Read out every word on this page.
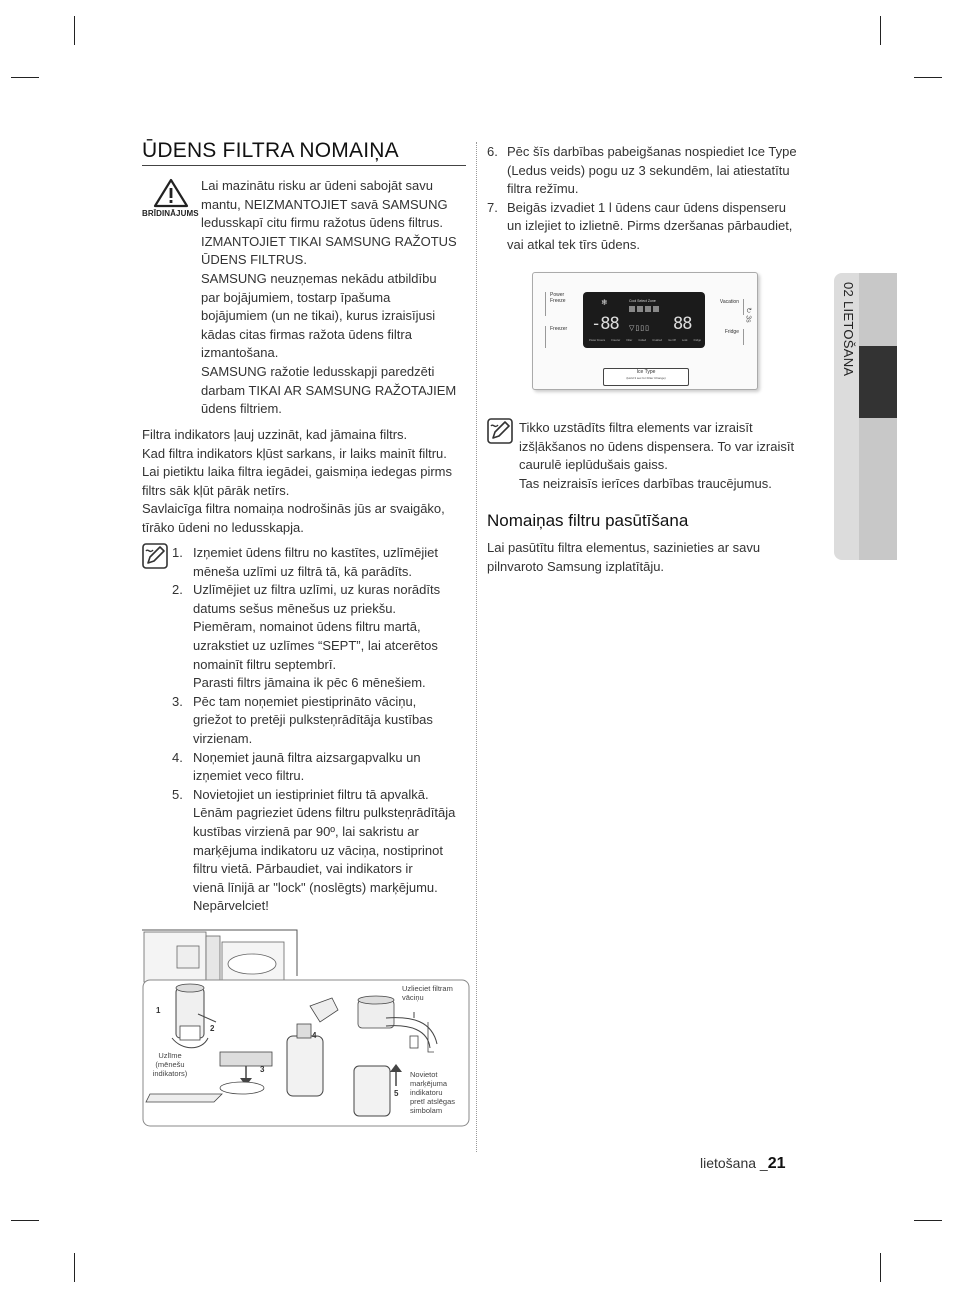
ŪDENS FILTRA NOMAIŅA
BRĪDINĀJUMS
Lai mazinātu risku ar ūdeni sabojāt savu
mantu, NEIZMANTOJIET savā SAMSUNG
ledusskapī citu firmu ražotus ūdens filtrus.
IZMANTOJIET TIKAI SAMSUNG RAŽOTUS
ŪDENS FILTRUS.
SAMSUNG neuzņemas nekādu atbildību
par bojājumiem, tostarp īpašuma
bojājumiem (un ne tikai), kurus izraisījusi
kādas citas firmas ražota ūdens filtra
izmantošana.
SAMSUNG ražotie ledusskapji paredzēti
darbam TIKAI AR SAMSUNG RAŽOTAJIEM
ūdens filtriem.
Filtra indikators ļauj uzzināt, kad jāmaina filtrs.
Kad filtra indikators kļūst sarkans, ir laiks mainīt filtru.
Lai pietiktu laika filtra iegādei, gaismiņa iedegas pirms
filtrs sāk kļūt pārāk netīrs.
Savlaicīga filtra nomaiņa nodrošinās jūs ar svaigāko,
tīrāko ūdeni no ledusskapja.
1. Izņemiet ūdens filtru no kastītes, uzlīmējiet
mēneša uzlīmi uz filtrā tā, kā parādīts.
2. Uzlīmējiet uz filtra uzlīmi, uz kuras norādīts
datums sešus mēnešus uz priekšu.
Piemēram, nomainot ūdens filtru martā,
uzrakstiet uz uzlīmes “SEPT”, lai atcerētos
nomainīt filtru septembrī.
Parasti filtrs jāmaina ik pēc 6 mēnešiem.
3. Pēc tam noņemiet piestiprināto vāciņu,
griežot to pretēji pulksteņrādītāja kustības
virzienam.
4. Noņemiet jaunā filtra aizsargapvalku un
izņemiet veco filtru.
5. Novietojiet un iestipriniet filtru tā apvalkā.
Lēnām pagrieziet ūdens filtru pulksteņrādītāja
kustības virzienā par 90º, lai sakristu ar
marķējuma indikatoru uz vāciņa, nostiprinot
filtru vietā. Pārbaudiet, vai indikators ir
vienā līnijā ar "lock" (noslēgts) marķējumu.
Nepārvelciet!
1
2
3
4
5
Uzlīme
(mēnešu
indikators)
Uzlieciet filtram
vāciņu
Novietot
marķējuma
indikatoru
pretī atslēgas
simbolam
6. Pēc šīs darbības pabeigšanas nospiediet Ice Type
(Ledus veids) pogu uz 3 sekundēm, lai atiestatītu
filtra režīmu.
7. Beigās izvadiet 1 l ūdens caur ūdens dispenseru
un izlejiet to izlietnē. Pirms dzeršanas pārbaudiet,
vai atkal tek tīrs ūdens.
Power Freeze
Freezer
Cool Select Zone
❄
-88	88
▽▯▯▯
Power Freeze Freezer Filter Cubed Crushed Ice Off Lock Fridge
Vacation
Fridge
↻ 3s
Ice Type
(Hold 3 sec for Filter Change)
Tikko uzstādīts filtra elements var izraisīt
izšļākšanos no ūdens dispensera. To var izraisīt
caurulē ieplūdušais gaiss.
Tas neizraisīs ierīces darbības traucējumus.
Nomaiņas filtru pasūtīšana
Lai pasūtītu filtra elementus, sazinieties ar savu
pilnvaroto Samsung izplatītāju.
02 LIETOŠANA
lietošana _21
